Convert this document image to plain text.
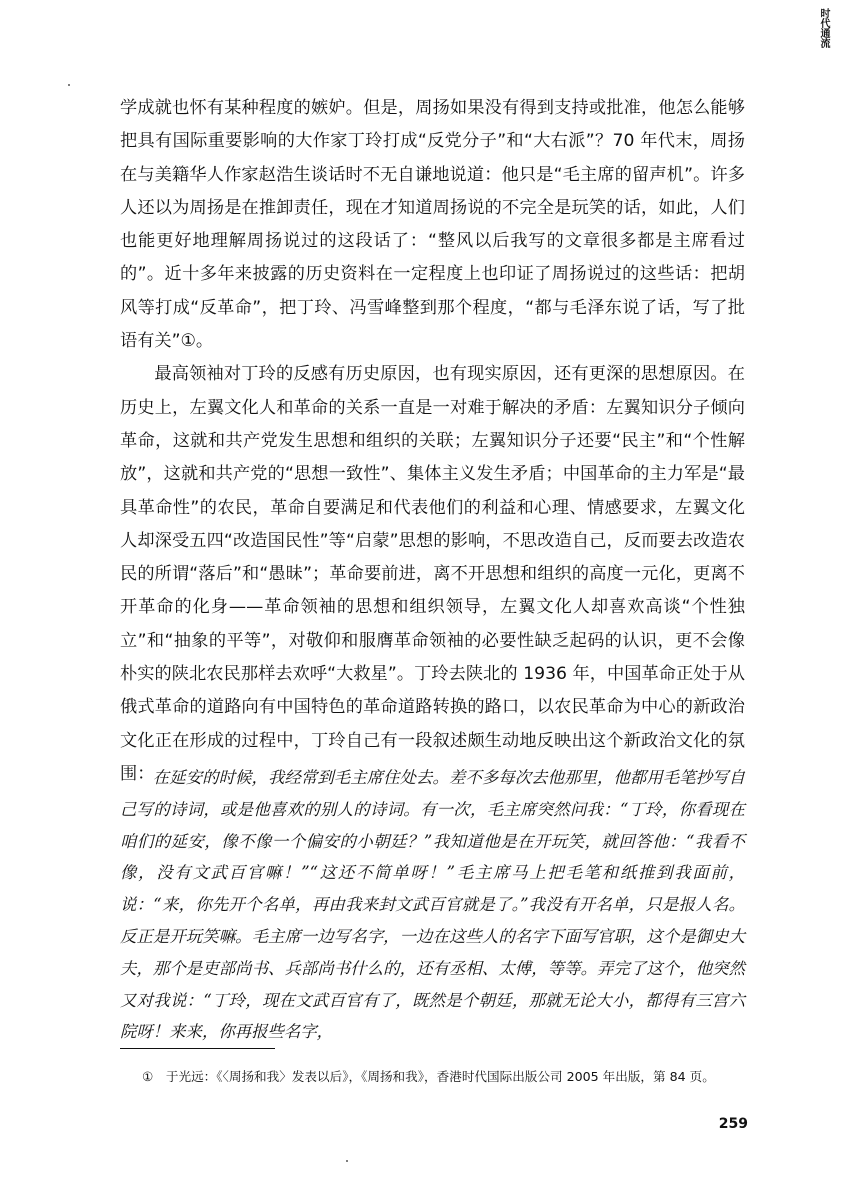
时代通流

学成就也怀有某种程度的嫉妒。但是，周扬如果没有得到支持或批准，他怎么能够把具有国际重要影响的大作家丁玲打成“反党分子”和“大右派”？70 年代末，周扬在与美籍华人作家赵浩生谈话时不无自谦地说道：他只是“毛主席的留声机”。许多人还以为周扬是在推卸责任，现在才知道周扬说的不完全是玩笑的话，如此，人们也能更好地理解周扬说过的这段话了：“整风以后我写的文章很多都是主席看过的”。近十多年来披露的历史资料在一定程度上也印证了周扬说过的这些话：把胡风等打成“反革命”，把丁玲、冯雪峰整到那个程度，“都与毛泽东说了话，写了批语有关”①。

最高领袖对丁玲的反感有历史原因，也有现实原因，还有更深的思想原因。在历史上，左翼文化人和革命的关系一直是一对难于解决的矛盾：左翼知识分子倾向革命，这就和共产党发生思想和组织的关联；左翼知识分子还要“民主”和“个性解放”，这就和共产党的“思想一致性”、集体主义发生矛盾；中国革命的主力军是“最具革命性”的农民，革命自要满足和代表他们的利益和心理、情感要求，左翼文化人却深受五四“改造国民性”等“启蒙”思想的影响，不思改造自己，反而要去改造农民的所谓“落后”和“愚昧”；革命要前进，离不开思想和组织的高度一元化，更离不开革命的化身——革命领袖的思想和组织领导，左翼文化人却喜欢高谈“个性独立”和“抽象的平等”，对敬仰和服膺革命领袖的必要性缺乏起码的认识，更不会像朴实的陕北农民那样去欢呼“大救星”。丁玲去陕北的 1936 年，中国革命正处于从俄式革命的道路向有中国特色的革命道路转换的路口，以农民革命为中心的新政治文化正在形成的过程中，丁玲自己有一段叙述颇生动地反映出这个新政治文化的氛围：

在延安的时候，我经常到毛主席住处去。差不多每次去他那里，他都用毛笔抄写自己写的诗词，或是他喜欢的别人的诗词。有一次，毛主席突然问我：“丁玲，你看现在咱们的延安，像不像一个偏安的小朝廷？”我知道他是在开玩笑，就回答他：“我看不像，没有文武百官嘛！”“这还不简单呀！”毛主席马上把毛笔和纸推到我面前，说：“来，你先开个名单，再由我来封文武百官就是了。”我没有开名单，只是报人名。反正是开玩笑嘛。毛主席一边写名字，一边在这些人的名字下面写官职，这个是御史大夫，那个是吏部尚书、兵部尚书什么的，还有丞相、太傅，等等。弄完了这个，他突然又对我说：“丁玲，现在文武百官有了，既然是个朝廷，那就无论大小，都得有三宫六院呀！来来，你再报些名字，

①　于光远：《〈周扬和我〉发表以后》，《周扬和我》，香港时代国际出版公司 2005 年出版，第 84 页。
259
